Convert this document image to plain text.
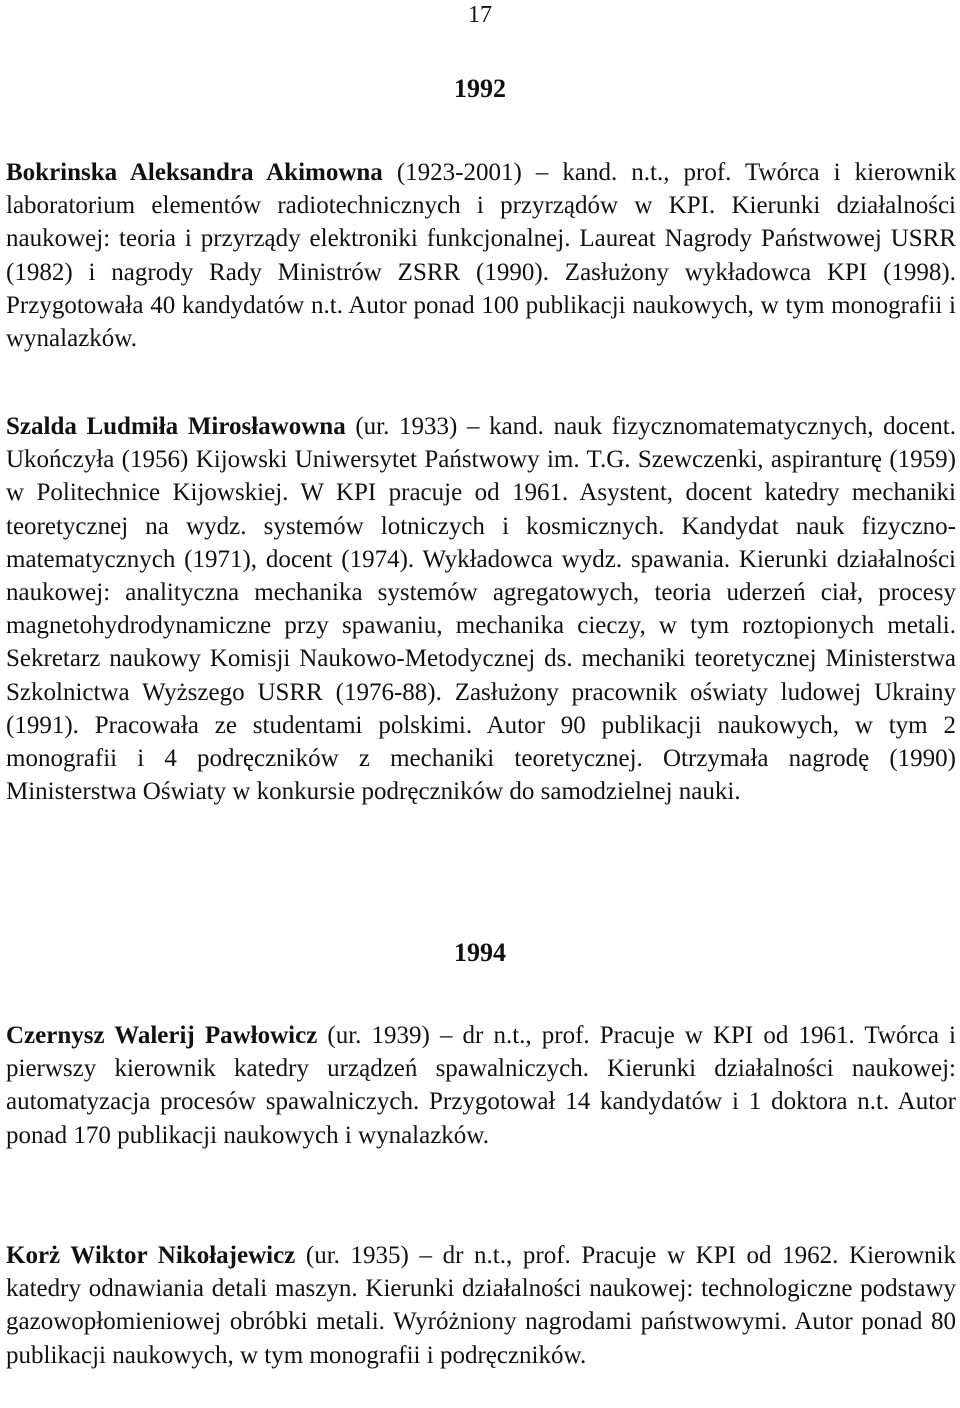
17
1992

Bokrinska Aleksandra Akimowna (1923-2001) – kand. n.t., prof. Twórca i kierownik laboratorium elementów radiotechnicznych i przyrządów w KPI. Kierunki działalności naukowej: teoria i przyrządy elektroniki funkcjonalnej. Laureat Nagrody Państwowej USRR (1982) i nagrody Rady Ministrów ZSRR (1990). Zasłużony wykładowca KPI (1998). Przygotowała 40 kandydatów n.t. Autor ponad 100 publikacji naukowych, w tym monografii i wynalazków.

Szalda Ludmiła Mirosławowna (ur. 1933) – kand. nauk fizycznomatematycznych, docent. Ukończyła (1956) Kijowski Uniwersytet Państwowy im. T.G. Szewczenki, aspiranturę (1959) w Politechnice Kijowskiej. W KPI pracuje od 1961. Asystent, docent katedry mechaniki teoretycznej na wydz. systemów lotniczych i kosmicznych. Kandydat nauk fizyczno-matematycznych (1971), docent (1974). Wykładowca wydz. spawania. Kierunki działalności naukowej: analityczna mechanika systemów agregatowych, teoria uderzeń ciał, procesy magnetohydrodynamiczne przy spawaniu, mechanika cieczy, w tym roztopionych metali. Sekretarz naukowy Komisji Naukowo-Metodycznej ds. mechaniki teoretycznej Ministerstwa Szkolnictwa Wyższego USRR (1976-88). Zasłużony pracownik oświaty ludowej Ukrainy (1991). Pracowała ze studentami polskimi. Autor 90 publikacji naukowych, w tym 2 monografii i 4 podręczników z mechaniki teoretycznej. Otrzymała nagrodę (1990) Ministerstwa Oświaty w konkursie podręczników do samodzielnej nauki.

1994

Czernysz Walerij Pawłowicz (ur. 1939) – dr n.t., prof. Pracuje w KPI od 1961. Twórca i pierwszy kierownik katedry urządzeń spawalniczych. Kierunki działalności naukowej: automatyzacja procesów spawalniczych. Przygotował 14 kandydatów i 1 doktora n.t. Autor ponad 170 publikacji naukowych i wynalazków.

Korż Wiktor Nikołajewicz (ur. 1935) – dr n.t., prof. Pracuje w KPI od 1962. Kierownik katedry odnawiania detali maszyn. Kierunki działalności naukowej: technologiczne podstawy gazowopłomieniowej obróbki metali. Wyróżniony nagrodami państwowymi. Autor ponad 80 publikacji naukowych, w tym monografii i podręczników.
